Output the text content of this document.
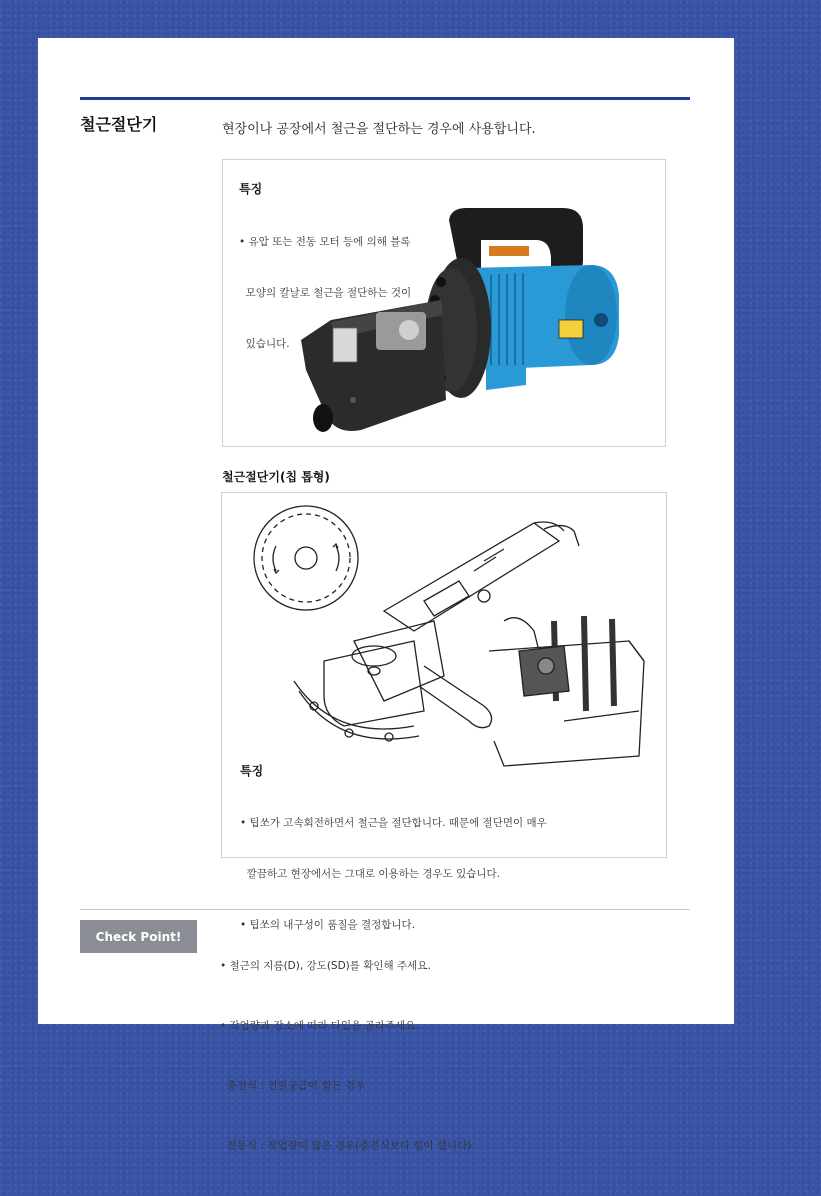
철근절단기	현장이나 공장에서 철근을 절단하는 경우에 사용합니다.
특징

• 유압 또는 전동 모터 등에 의해 블록

모양의 칼날로 철근을 절단하는 것이

있습니다.

철근절단기(칩 톱형)
특징

• 팁쏘가 고속회전하면서 철근을 절단합니다. 때문에 절단면이 매우

깔끔하고 현장에서는 그대로 이용하는 경우도 있습니다.

• 팁쏘의 내구성이 품질을 결정합니다.

Check Point!

• 철근의 지름(D), 강도(SD)를 확인해 주세요.

• 작업량과 장소에 따라 타입을 골라주세요.

충전식 : 전원공급이 힘든 경우

전동식 : 작업량이 많은 경우(충전식보다 힘이 셉니다).
